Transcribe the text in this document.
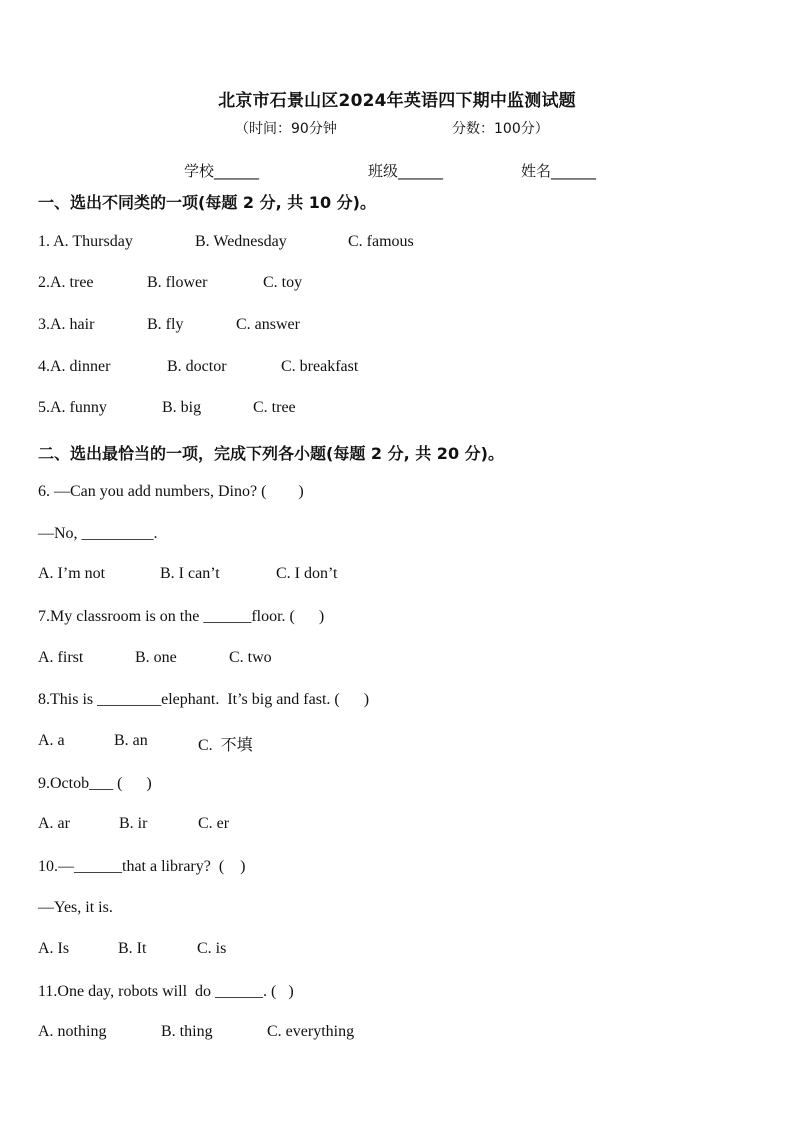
北京市石景山区2024年英语四下期中监测试题
（时间：90分钟	分数：100分）
学校______	班级______	姓名______
一、选出不同类的一项(每题 2 分, 共 10 分)。
1. A. Thursday	B. Wednesday	C. famous
2.A. tree	B. flower	C. toy
3.A. hair	B. fly	C. answer
4.A. dinner	B. doctor	C. breakfast
5.A. funny	B. big	C. tree
二、选出最恰当的一项，完成下列各小题(每题 2 分, 共 20 分)。
6. —Can you add numbers, Dino? (        )
—No, _________.
A. I’m not	B. I can’t	C. I don’t
7.My classroom is on the ______floor. (      )
A. first	B. one	C. two
8.This is ________elephant.  It’s big and fast. (      )
A. a	B. an	C.  不填
9.Octob___ (      )
A. ar	B. ir	C. er
10.—______that a library?  (    )
—Yes, it is.
A. Is	B. It	C. is
11.One day, robots will  do ______. (   )
A. nothing	B. thing	C. everything
